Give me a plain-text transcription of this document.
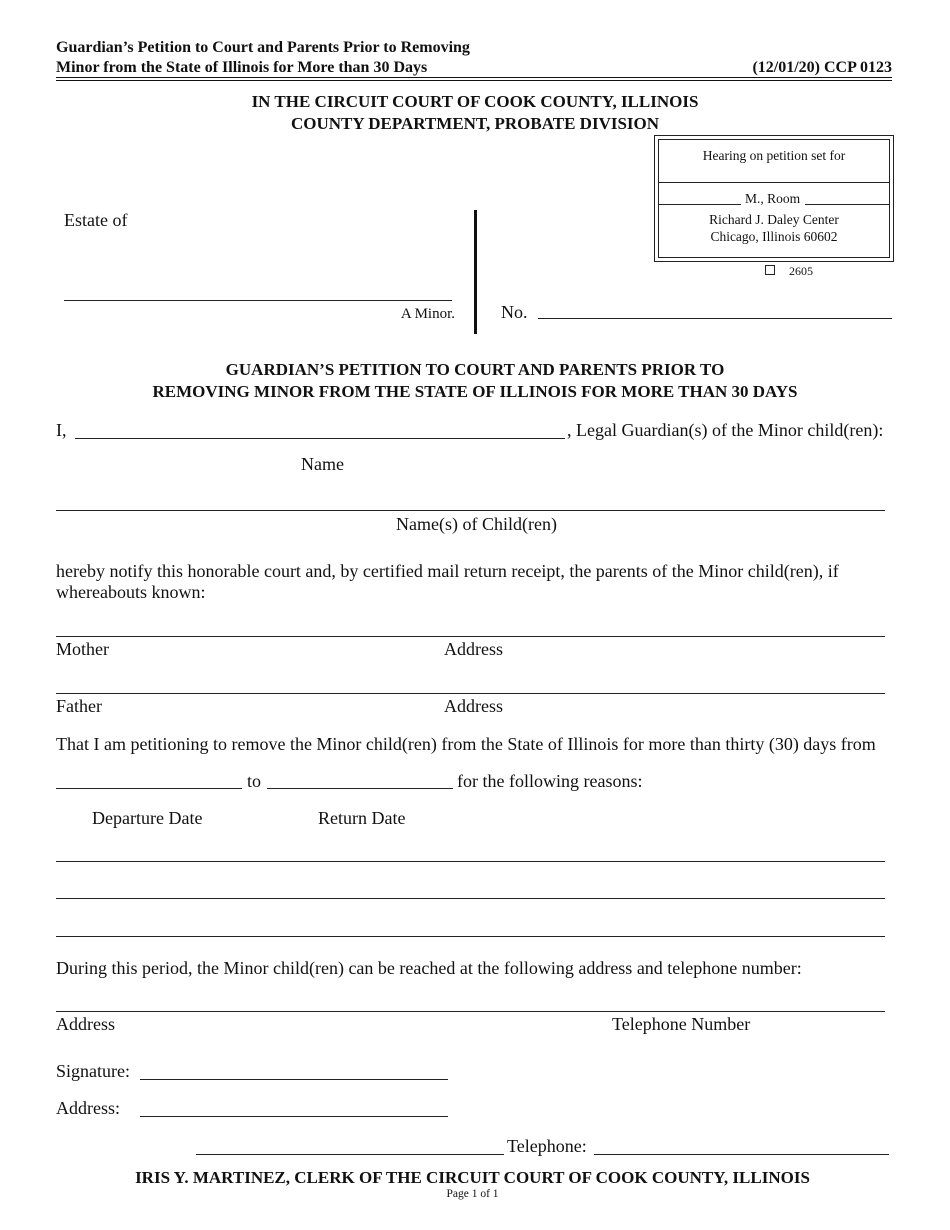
Guardian’s Petition to Court and Parents Prior to Removing
Minor from the State of Illinois for More than 30 Days	(12/01/20) CCP 0123
IN THE CIRCUIT COURT OF COOK COUNTY, ILLINOIS
COUNTY DEPARTMENT, PROBATE DIVISION
Hearing on petition set for
M., Room
Richard J. Daley Center
Chicago, Illinois 60602
2605
Estate of
A Minor.	No.
GUARDIAN’S PETITION TO COURT AND PARENTS PRIOR TO
REMOVING MINOR FROM THE STATE OF ILLINOIS FOR MORE THAN 30 DAYS
I,	, Legal Guardian(s) of the Minor child(ren):
Name
Name(s) of Child(ren)
hereby notify this honorable court and, by certified mail return receipt, the parents of the Minor child(ren), if
whereabouts known:
Mother	Address
Father	Address
That I am petitioning to remove the Minor child(ren) from the State of Illinois for more than thirty (30) days from
to	for the following reasons:
Departure Date	Return Date
During this period, the Minor child(ren) can be reached at the following address and telephone number:
Address	Telephone Number
Signature:
Address:
Telephone:
IRIS Y. MARTINEZ, CLERK OF THE CIRCUIT COURT OF COOK COUNTY, ILLINOIS
Page 1 of 1
